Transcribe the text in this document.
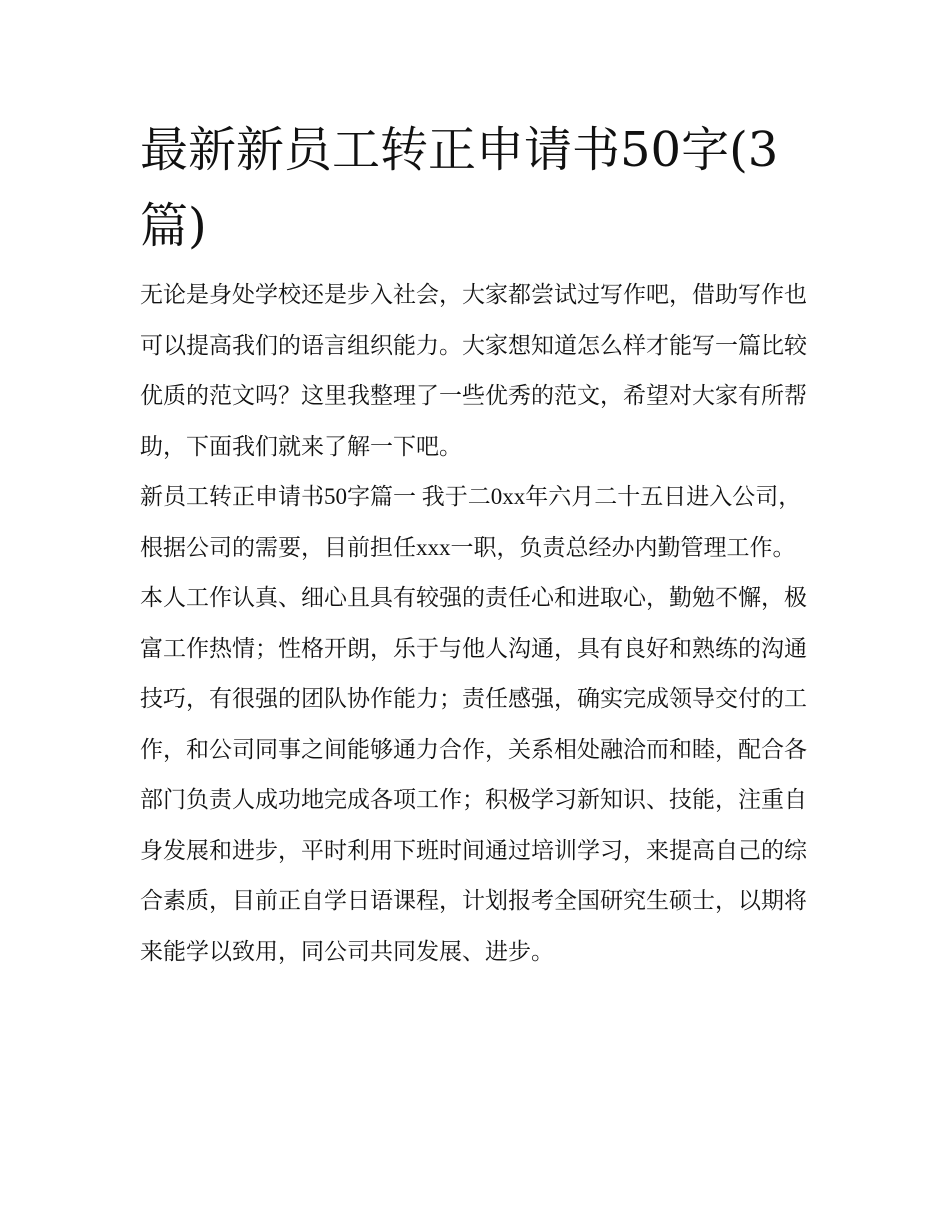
最新新员工转正申请书50字(3篇)

无论是身处学校还是步入社会，大家都尝试过写作吧，借助写作也可以提高我们的语言组织能力。大家想知道怎么样才能写一篇比较优质的范文吗？这里我整理了一些优秀的范文，希望对大家有所帮助，下面我们就来了解一下吧。

新员工转正申请书50字篇一 我于二0xx年六月二十五日进入公司，根据公司的需要，目前担任xxx一职，负责总经办内勤管理工作。

本人工作认真、细心且具有较强的责任心和进取心，勤勉不懈，极富工作热情；性格开朗，乐于与他人沟通，具有良好和熟练的沟通技巧，有很强的团队协作能力；责任感强，确实完成领导交付的工作，和公司同事之间能够通力合作，关系相处融洽而和睦，配合各部门负责人成功地完成各项工作；积极学习新知识、技能，注重自身发展和进步，平时利用下班时间通过培训学习，来提高自己的综合素质，目前正自学日语课程，计划报考全国研究生硕士，以期将来能学以致用，同公司共同发展、进步。
